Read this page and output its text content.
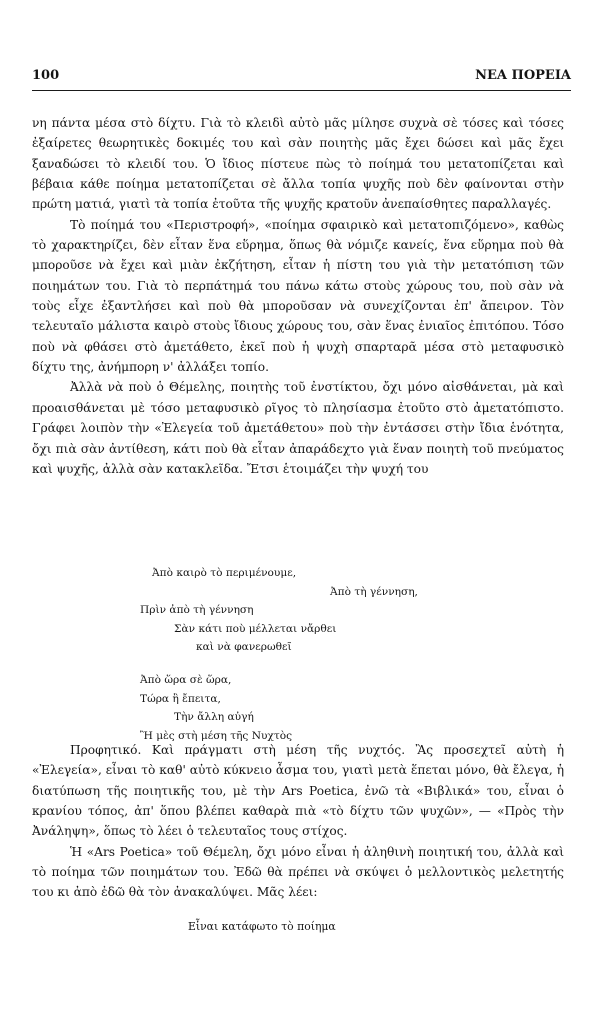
100	ΝΕΑ ΠΟΡΕΙΑ

νη πάντα μέσα στὸ δίχτυ. Γιὰ τὸ κλειδὶ αὐτὸ μᾶς μίλησε συχνὰ σὲ τόσες καὶ τόσες ἐξαίρετες θεωρητικὲς δοκιμές του καὶ σὰν ποιητὴς μᾶς ἔχει δώσει καὶ μᾶς ἔχει ξαναδώσει τὸ κλειδί του. Ὁ ἴδιος πίστευε πὼς τὸ ποίημά του μετατοπίζεται καὶ βέβαια κάθε ποίημα μετατοπίζεται σὲ ἄλλα τοπία ψυχῆς ποὺ δὲν φαίνονται στὴν πρώτη ματιά, γιατὶ τὰ τοπία ἐτοῦτα τῆς ψυχῆς κρατοῦν ἀνεπαίσθητες παραλλαγές.

Τὸ ποίημά του «Περιστροφή», «ποίημα σφαιρικὸ καὶ μετατοπιζόμενο», καθὼς τὸ χαρακτηρίζει, δὲν εἶταν ἕνα εὕρημα, ὅπως θὰ νόμιζε κανείς, ἕνα εὕρημα ποὺ θὰ μποροῦσε νὰ ἔχει καὶ μιὰν ἐκζήτηση, εἶταν ἡ πίστη του γιὰ τὴν μετατόπιση τῶν ποιημάτων του. Γιὰ τὸ περπάτημά του πάνω κάτω στοὺς χώρους του, ποὺ σὰν νὰ τοὺς εἶχε ἐξαντλήσει καὶ ποὺ θὰ μποροῦσαν νὰ συνεχίζονται ἐπ' ἄπειρον. Τὸν τελευταῖο μάλιστα καιρὸ στοὺς ἴδιους χώρους του, σὰν ἕνας ἐνιαῖος ἐπιτόπου. Τόσο ποὺ νὰ φθάσει στὸ ἀμετάθετο, ἐκεῖ ποὺ ἡ ψυχὴ σπαρταρᾶ μέσα στὸ μεταφυσικὸ δίχτυ της, ἀνήμπορη ν' ἀλλάξει τοπίο.

Ἀλλὰ νὰ ποὺ ὁ Θέμελης, ποιητὴς τοῦ ἐνστίκτου, ὄχι μόνο αἰσθάνεται, μὰ καὶ προαισθάνεται μὲ τόσο μεταφυσικὸ ρῖγος τὸ πλησίασμα ἐτοῦτο στὸ ἀμετατόπιστο. Γράφει λοιπὸν τὴν «Ἐλεγεία τοῦ ἀμετάθετου» ποὺ τὴν ἐντάσσει στὴν ἴδια ἑνότητα, ὄχι πιὰ σὰν ἀντίθεση, κάτι ποὺ θὰ εἶταν ἀπαράδεχτο γιὰ ἕναν ποιητὴ τοῦ πνεύματος καὶ ψυχῆς, ἀλλὰ σὰν κατακλεῖδα. Ἔτσι ἑτοιμάζει τὴν ψυχή του

Ἀπὸ καιρὸ τὸ περιμένουμε,
Ἀπὸ τὴ γέννηση,
Πρὶν ἀπὸ τὴ γέννηση
Σὰν κάτι ποὺ μέλλεται νἄρθει
καὶ νὰ φανερωθεῖ
Ἀπὸ ὥρα σὲ ὥρα,
Τώρα ἢ ἔπειτα,
Τὴν ἄλλη αὐγή
Ἢ μὲς στὴ μέση τῆς Νυχτὸς

Προφητικό. Καὶ πράγματι στὴ μέση τῆς νυχτός. Ἂς προσεχτεῖ αὐτὴ ἡ «Ἐλεγεία», εἶναι τὸ καθ' αὐτὸ κύκνειο ἆσμα του, γιατὶ μετὰ ἕπεται μόνο, θὰ ἔλεγα, ἡ διατύπωση τῆς ποιητικῆς του, μὲ τὴν Ars Poetica, ἐνῶ τὰ «Βιβλικά» του, εἶναι ὁ κρανίου τόπος, ἀπ' ὅπου βλέπει καθαρὰ πιὰ «τὸ δίχτυ τῶν ψυχῶν», — «Πρὸς τὴν Ἀνάληψη», ὅπως τὸ λέει ὁ τελευταῖος τους στίχος.

Ἡ «Ars Poetica» τοῦ Θέμελη, ὄχι μόνο εἶναι ἡ ἀληθινὴ ποιητική του, ἀλλὰ καὶ τὸ ποίημα τῶν ποιημάτων του. Ἐδῶ θὰ πρέπει νὰ σκύψει ὁ μελλοντικὸς μελετητής του κι ἀπὸ ἐδῶ θὰ τὸν ἀνακαλύψει. Μᾶς λέει:

Εἶναι κατάφωτο τὸ ποίημα
